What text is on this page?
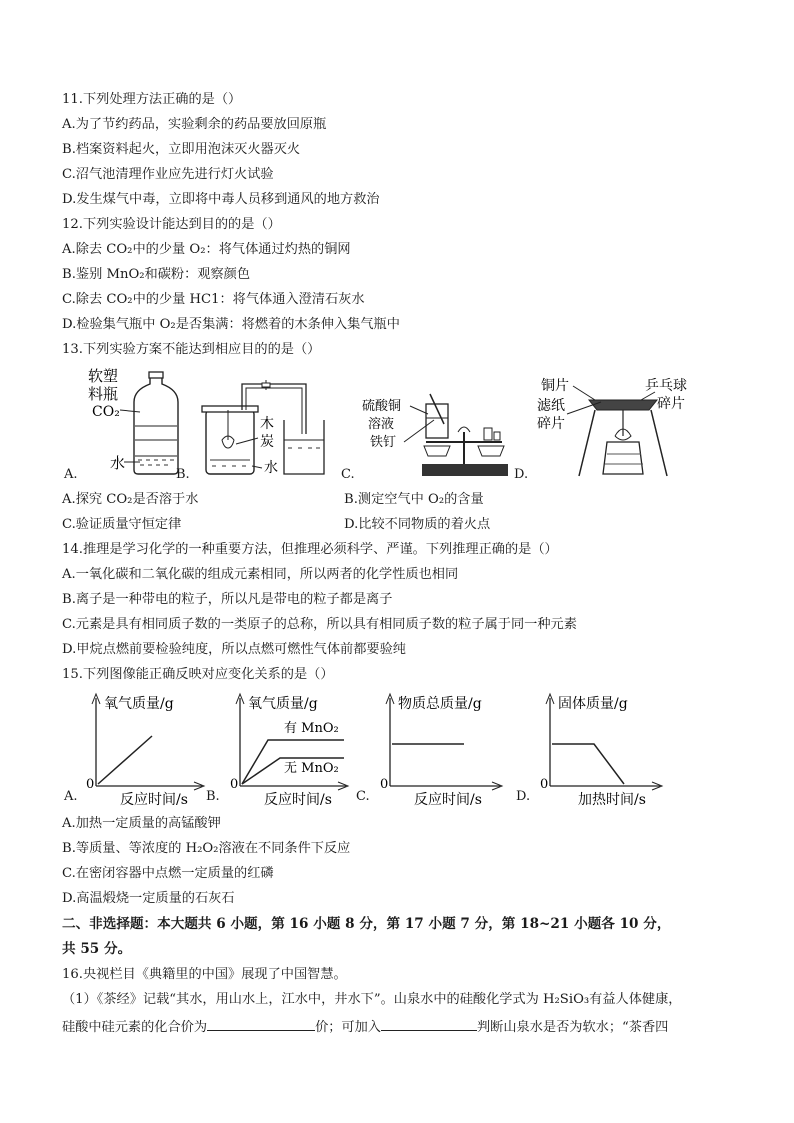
11.下列处理方法正确的是（）
A.为了节约药品，实验剩余的药品要放回原瓶
B.档案资料起火，立即用泡沫灭火器灭火
C.沼气池清理作业应先进行灯火试验
D.发生煤气中毒，立即将中毒人员移到通风的地方救治
12.下列实验设计能达到目的的是（）
A.除去 CO₂中的少量 O₂：将气体通过灼热的铜网
B.鉴别 MnO₂和碳粉：观察颜色
C.除去 CO₂中的少量 HC1：将气体通入澄清石灰水
D.检验集气瓶中 O₂是否集满：将燃着的木条伸入集气瓶中
13.下列实验方案不能达到相应目的的是（）
软塑
料瓶
CO₂
水
A.
木
炭
水
B.
硫酸铜
溶液
铁钉
C.
铜片	乒乓球
碎片
滤纸
碎片
D.
A.探究 CO₂是否溶于水	B.测定空气中 O₂的含量
C.验证质量守恒定律	D.比较不同物质的着火点
14.推理是学习化学的一种重要方法，但推理必须科学、严谨。下列推理正确的是（）
A.一氧化碳和二氧化碳的组成元素相同，所以两者的化学性质也相同
B.离子是一种带电的粒子，所以凡是带电的粒子都是离子
C.元素是具有相同质子数的一类原子的总称，所以具有相同质子数的粒子属于同一种元素
D.甲烷点燃前要检验纯度，所以点燃可燃性气体前都要验纯
15.下列图像能正确反映对应变化关系的是（）
氧气质量/g
0
反应时间/s
A.
氧气质量/g
有 MnO₂
无 MnO₂
0
反应时间/s
B.
物质总质量/g
0
反应时间/s
C.
固体质量/g
0
加热时间/s
D.
A.加热一定质量的高锰酸钾
B.等质量、等浓度的 H₂O₂溶液在不同条件下反应
C.在密闭容器中点燃一定质量的红磷
D.高温煅烧一定质量的石灰石
二、非选择题：本大题共 6 小题，第 16 小题 8 分，第 17 小题 7 分，第 18~21 小题各 10 分，
共 55 分。
16.央视栏目《典籍里的中国》展现了中国智慧。
（1）《茶经》记载“其水，用山水上，江水中，井水下”。山泉水中的硅酸化学式为 H₂SiO₃有益人体健康，
硅酸中硅元素的化合价为	价；可加入	判断山泉水是否为软水；“茶香四
